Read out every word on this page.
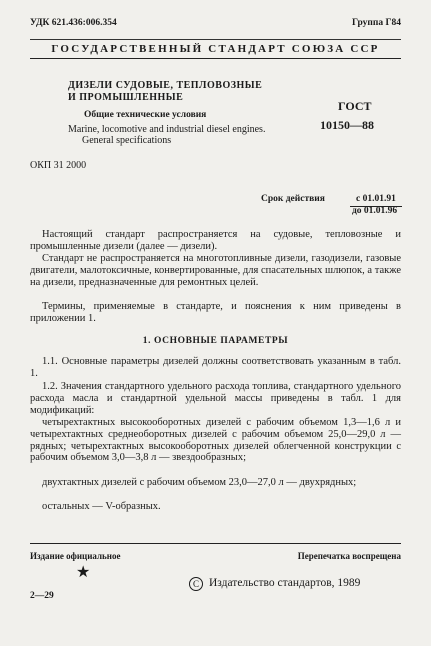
УДК 621.436:006.354	Группа Г84
ГОСУДАРСТВЕННЫЙ СТАНДАРТ СОЮЗА ССР
ДИЗЕЛИ СУДОВЫЕ, ТЕПЛОВОЗНЫЕ
И ПРОМЫШЛЕННЫЕ
Общие технические условия
Marine, locomotive and industrial diesel engines.
General specifications
ГОСТ
10150—88
ОКП 31 2000
Срок действия	с 01.01.91
до 01.01.96
Настоящий стандарт распространяется на судовые, тепловозные и промышленные дизели (далее — дизели).
Стандарт не распространяется на многотопливные дизели, газодизели, газовые двигатели, малотоксичные, конвертированные, для спасательных шлюпок, а также на дизели, предназначенные для ремонтных целей.
Термины, применяемые в стандарте, и пояснения к ним приведены в приложении 1.
1. ОСНОВНЫЕ ПАРАМЕТРЫ
1.1. Основные параметры дизелей должны соответствовать указанным в табл. 1.
1.2. Значения стандартного удельного расхода топлива, стандартного удельного расхода масла и стандартной удельной массы приведены в табл. 1 для модификаций:
четырехтактных высокооборотных дизелей с рабочим объемом 1,3—1,6 л и четырехтактных среднеоборотных дизелей с рабочим объемом 25,0—29,0 л — рядных; четырехтактных высокооборотных дизелей облегченной конструкции с рабочим объемом 3,0—3,8 л — звездообразных;
двухтактных дизелей с рабочим объемом 23,0—27,0 л — двухрядных;
остальных — V-образных.
Издание официальное	Перепечатка воспрещена
★
C Издательство стандартов, 1989
2—29
